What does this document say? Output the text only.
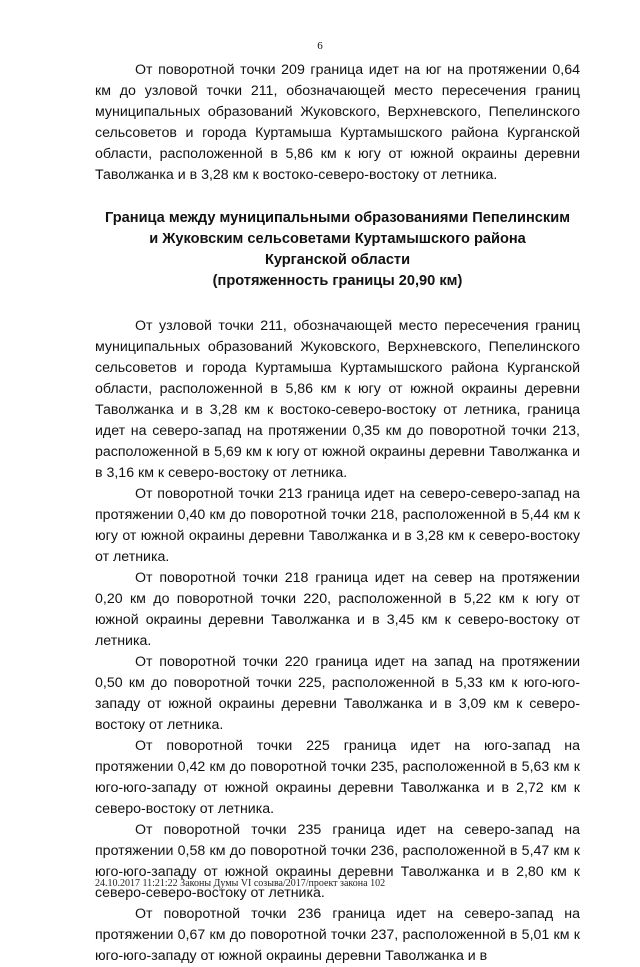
6

От поворотной точки 209 граница идет на юг на протяжении 0,64 км до узловой точки 211, обозначающей место пересечения границ муниципальных образований Жуковского, Верхневского, Пепелинского сельсоветов и города Куртамыша Куртамышского района Курганской области, расположенной в 5,86 км к югу от южной окраины деревни Таволжанка и в 3,28 км к востоко-северо-востоку от летника.

Граница между муниципальными образованиями Пепелинским
и Жуковским сельсоветами Куртамышского района
Курганской области
(протяженность границы 20,90 км)

От узловой точки 211, обозначающей место пересечения границ муниципальных образований Жуковского, Верхневского, Пепелинского сельсоветов и города Куртамыша Куртамышского района Курганской области, расположенной в 5,86 км к югу от южной окраины деревни Таволжанка и в 3,28 км к востоко-северо-востоку от летника, граница идет на северо-запад на протяжении 0,35 км до поворотной точки 213, расположенной в 5,69 км к югу от южной окраины деревни Таволжанка и в 3,16 км к северо-востоку от летника.

От поворотной точки 213 граница идет на северо-северо-запад на протяжении 0,40 км до поворотной точки 218, расположенной в 5,44 км к югу от южной окраины деревни Таволжанка и в 3,28 км к северо-востоку от летника.

От поворотной точки 218 граница идет на север на протяжении 0,20 км до поворотной точки 220, расположенной в 5,22 км к югу от южной окраины деревни Таволжанка и в 3,45 км к северо-востоку от летника.

От поворотной точки 220 граница идет на запад на протяжении 0,50 км до поворотной точки 225, расположенной в 5,33 км к юго-юго-западу от южной окраины деревни Таволжанка и в 3,09 км к северо-востоку от летника.

От поворотной точки 225 граница идет на юго-запад на протяжении 0,42 км до поворотной точки 235, расположенной в 5,63 км к юго-юго-западу от южной окраины деревни Таволжанка и в 2,72 км к северо-востоку от летника.

От поворотной точки 235 граница идет на северо-запад на протяжении 0,58 км до поворотной точки 236, расположенной в 5,47 км к юго-юго-западу от южной окраины деревни Таволжанка и в 2,80 км к северо-северо-востоку от летника.

От поворотной точки 236 граница идет на северо-запад на протяжении 0,67 км до поворотной точки 237, расположенной в 5,01 км к юго-юго-западу от южной окраины деревни Таволжанка и в

24.10.2017 11:21:22 Законы Думы VI созыва/2017/проект закона 102
